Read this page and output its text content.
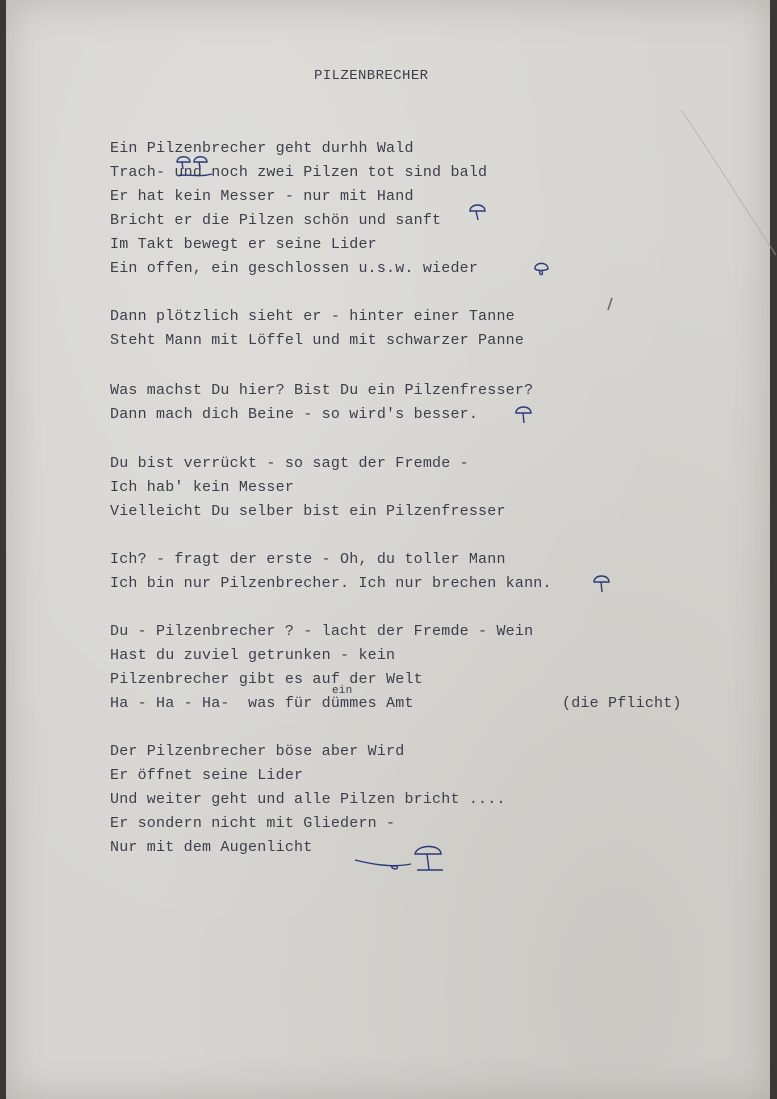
PILZENBRECHER

Ein Pilzenbrecher geht durhh Wald

Trach- und noch zwei Pilzen tot sind bald

Er hat kein Messer - nur mit Hand

Bricht er die Pilzen schön und sanft

Im Takt bewegt er seine Lider

Ein offen, ein geschlossen u.s.w. wieder

Dann plötzlich sieht er - hinter einer Tanne

Steht Mann mit Löffel und mit schwarzer Panne

Was machst Du hier? Bist Du ein Pilzenfresser?

Dann mach dich Beine - so wird's besser.

Du bist verrückt - so sagt der Fremde -

Ich hab' kein Messer

Vielleicht Du selber bist ein Pilzenfresser

Ich? - fragt der erste - Oh, du toller Mann

Ich bin nur Pilzenbrecher. Ich nur brechen kann.

Du - Pilzenbrecher ? - lacht der Fremde - Wein

Hast du zuviel getrunken - kein

Pilzenbrecher gibt es auf der Welt

Ha - Ha - Ha-  was für dümmes Amt

ein

(die Pflicht)

Der Pilzenbrecher böse aber Wird

Er öffnet seine Lider

Und weiter geht und alle Pilzen bricht ....

Er sondern nicht mit Gliedern -

Nur mit dem Augenlicht
